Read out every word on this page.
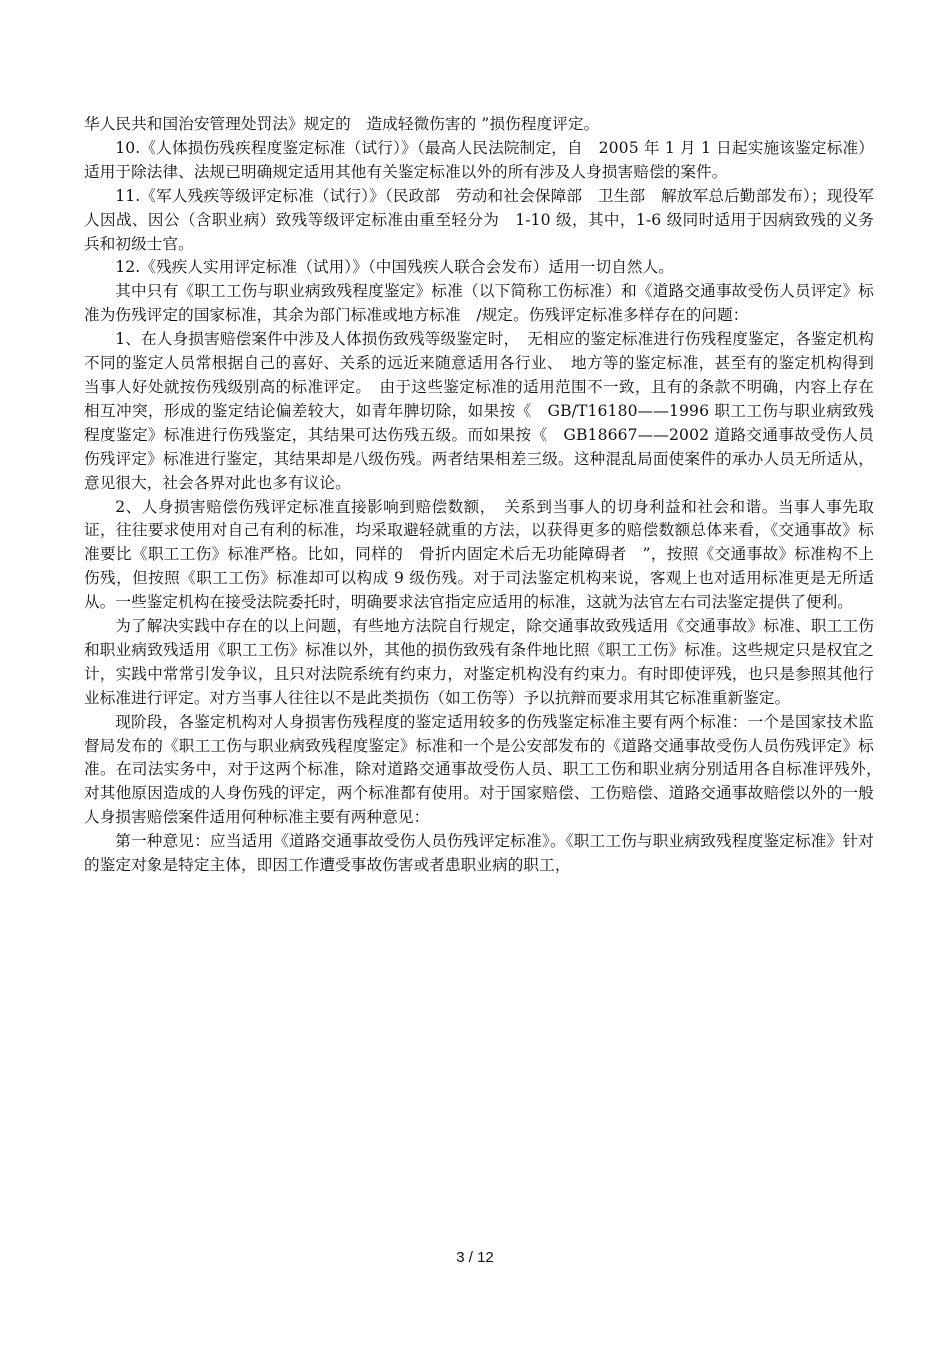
华人民共和国治安管理处罚法》规定的　造成轻微伤害的 ”损伤程度评定。

10.《人体损伤残疾程度鉴定标准（试行）》（最高人民法院制定，自　2005 年 1 月 1 日起实施该鉴定标准）适用于除法律、法规已明确规定适用其他有关鉴定标准以外的所有涉及人身损害赔偿的案件。

11.《军人残疾等级评定标准（试行）》（民政部　劳动和社会保障部　卫生部　解放军总后勤部发布）；现役军人因战、因公（含职业病）致残等级评定标准由重至轻分为　1-10 级，其中，1-6 级同时适用于因病致残的义务兵和初级士官。

12.《残疾人实用评定标准（试用）》（中国残疾人联合会发布）适用一切自然人。

其中只有《职工工伤与职业病致残程度鉴定》标准（以下简称工伤标准）和《道路交通事故受伤人员评定》标准为伤残评定的国家标准，其余为部门标准或地方标准　/规定。伤残评定标准多样存在的问题：

1、在人身损害赔偿案件中涉及人体损伤致残等级鉴定时，　无相应的鉴定标准进行伤残程度鉴定，各鉴定机构不同的鉴定人员常根据自己的喜好、关系的远近来随意适用各行业、　地方等的鉴定标准，甚至有的鉴定机构得到当事人好处就按伤残级别高的标准评定。　由于这些鉴定标准的适用范围不一致，且有的条款不明确，内容上存在相互冲突，形成的鉴定结论偏差较大，如青年脾切除，如果按《　GB/T16180——1996 职工工伤与职业病致残程度鉴定》标准进行伤残鉴定，其结果可达伤残五级。而如果按《　GB18667——2002 道路交通事故受伤人员伤残评定》标准进行鉴定，其结果却是八级伤残。两者结果相差三级。这种混乱局面使案件的承办人员无所适从，意见很大，社会各界对此也多有议论。

2、人身损害赔偿伤残评定标准直接影响到赔偿数额，　关系到当事人的切身利益和社会和谐。当事人事先取证，往往要求使用对自己有利的标准，均采取避轻就重的方法，以获得更多的赔偿数额总体来看，《交通事故》标准要比《职工工伤》标准严格。比如，同样的　骨折内固定术后无功能障碍者　”，按照《交通事故》标准构不上伤残，但按照《职工工伤》标准却可以构成 9 级伤残。对于司法鉴定机构来说，客观上也对适用标准更是无所适从。一些鉴定机构在接受法院委托时，明确要求法官指定应适用的标准，这就为法官左右司法鉴定提供了便利。

为了解决实践中存在的以上问题，有些地方法院自行规定，除交通事故致残适用《交通事故》标准、职工工伤和职业病致残适用《职工工伤》标准以外，其他的损伤致残有条件地比照《职工工伤》标准。这些规定只是权宜之计，实践中常常引发争议，且只对法院系统有约束力，对鉴定机构没有约束力。有时即使评残，也只是参照其他行业标准进行评定。对方当事人往往以不是此类损伤（如工伤等）予以抗辩而要求用其它标准重新鉴定。

现阶段，各鉴定机构对人身损害伤残程度的鉴定适用较多的伤残鉴定标准主要有两个标准：一个是国家技术监督局发布的《职工工伤与职业病致残程度鉴定》标准和一个是公安部发布的《道路交通事故受伤人员伤残评定》标准。在司法实务中，对于这两个标准，除对道路交通事故受伤人员、职工工伤和职业病分别适用各自标准评残外，　对其他原因造成的人身伤残的评定，两个标准都有使用。对于国家赔偿、工伤赔偿、道路交通事故赔偿以外的一般人身损害赔偿案件适用何种标准主要有两种意见：

第一种意见：应当适用《道路交通事故受伤人员伤残评定标准》。《职工工伤与职业病致残程度鉴定标准》针对的鉴定对象是特定主体，即因工作遭受事故伤害或者患职业病的职工，

3 / 12
